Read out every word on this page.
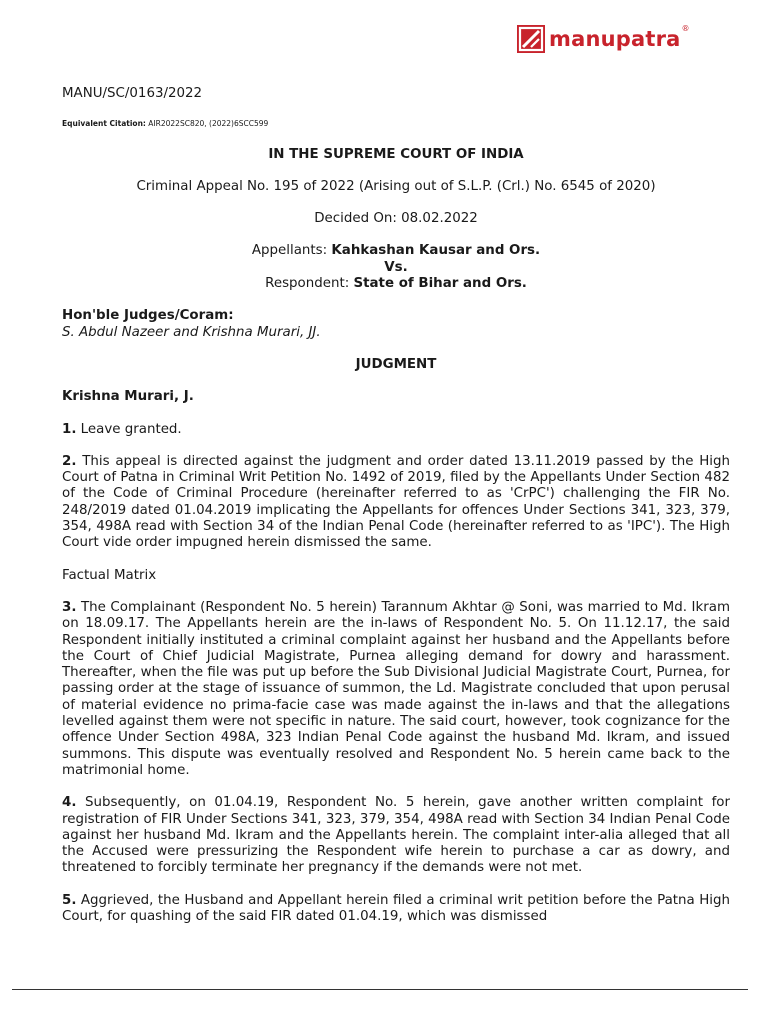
manupatra ®
MANU/SC/0163/2022
Equivalent Citation: AIR2022SC820, (2022)6SCC599
IN THE SUPREME COURT OF INDIA
Criminal Appeal No. 195 of 2022 (Arising out of S.L.P. (Crl.) No. 6545 of 2020)
Decided On: 08.02.2022
Appellants: Kahkashan Kausar and Ors.
Vs.
Respondent: State of Bihar and Ors.
Hon'ble Judges/Coram:
S. Abdul Nazeer and Krishna Murari, JJ.
JUDGMENT
Krishna Murari, J.

1. Leave granted.

2. This appeal is directed against the judgment and order dated 13.11.2019 passed by the High Court of Patna in Criminal Writ Petition No. 1492 of 2019, filed by the Appellants Under Section 482 of the Code of Criminal Procedure (hereinafter referred to as 'CrPC') challenging the FIR No. 248/2019 dated 01.04.2019 implicating the Appellants for offences Under Sections 341, 323, 379, 354, 498A read with Section 34 of the Indian Penal Code (hereinafter referred to as 'IPC'). The High Court vide order impugned herein dismissed the same.

Factual Matrix

3. The Complainant (Respondent No. 5 herein) Tarannum Akhtar @ Soni, was married to Md. Ikram on 18.09.17. The Appellants herein are the in-laws of Respondent No. 5. On 11.12.17, the said Respondent initially instituted a criminal complaint against her husband and the Appellants before the Court of Chief Judicial Magistrate, Purnea alleging demand for dowry and harassment. Thereafter, when the file was put up before the Sub Divisional Judicial Magistrate Court, Purnea, for passing order at the stage of issuance of summon, the Ld. Magistrate concluded that upon perusal of material evidence no prima-facie case was made against the in-laws and that the allegations levelled against them were not specific in nature. The said court, however, took cognizance for the offence Under Section 498A, 323 Indian Penal Code against the husband Md. Ikram, and issued summons. This dispute was eventually resolved and Respondent No. 5 herein came back to the matrimonial home.

4. Subsequently, on 01.04.19, Respondent No. 5 herein, gave another written complaint for registration of FIR Under Sections 341, 323, 379, 354, 498A read with Section 34 Indian Penal Code against her husband Md. Ikram and the Appellants herein. The complaint inter-alia alleged that all the Accused were pressurizing the Respondent wife herein to purchase a car as dowry, and threatened to forcibly terminate her pregnancy if the demands were not met.

5. Aggrieved, the Husband and Appellant herein filed a criminal writ petition before the Patna High Court, for quashing of the said FIR dated 01.04.19, which was dismissed
